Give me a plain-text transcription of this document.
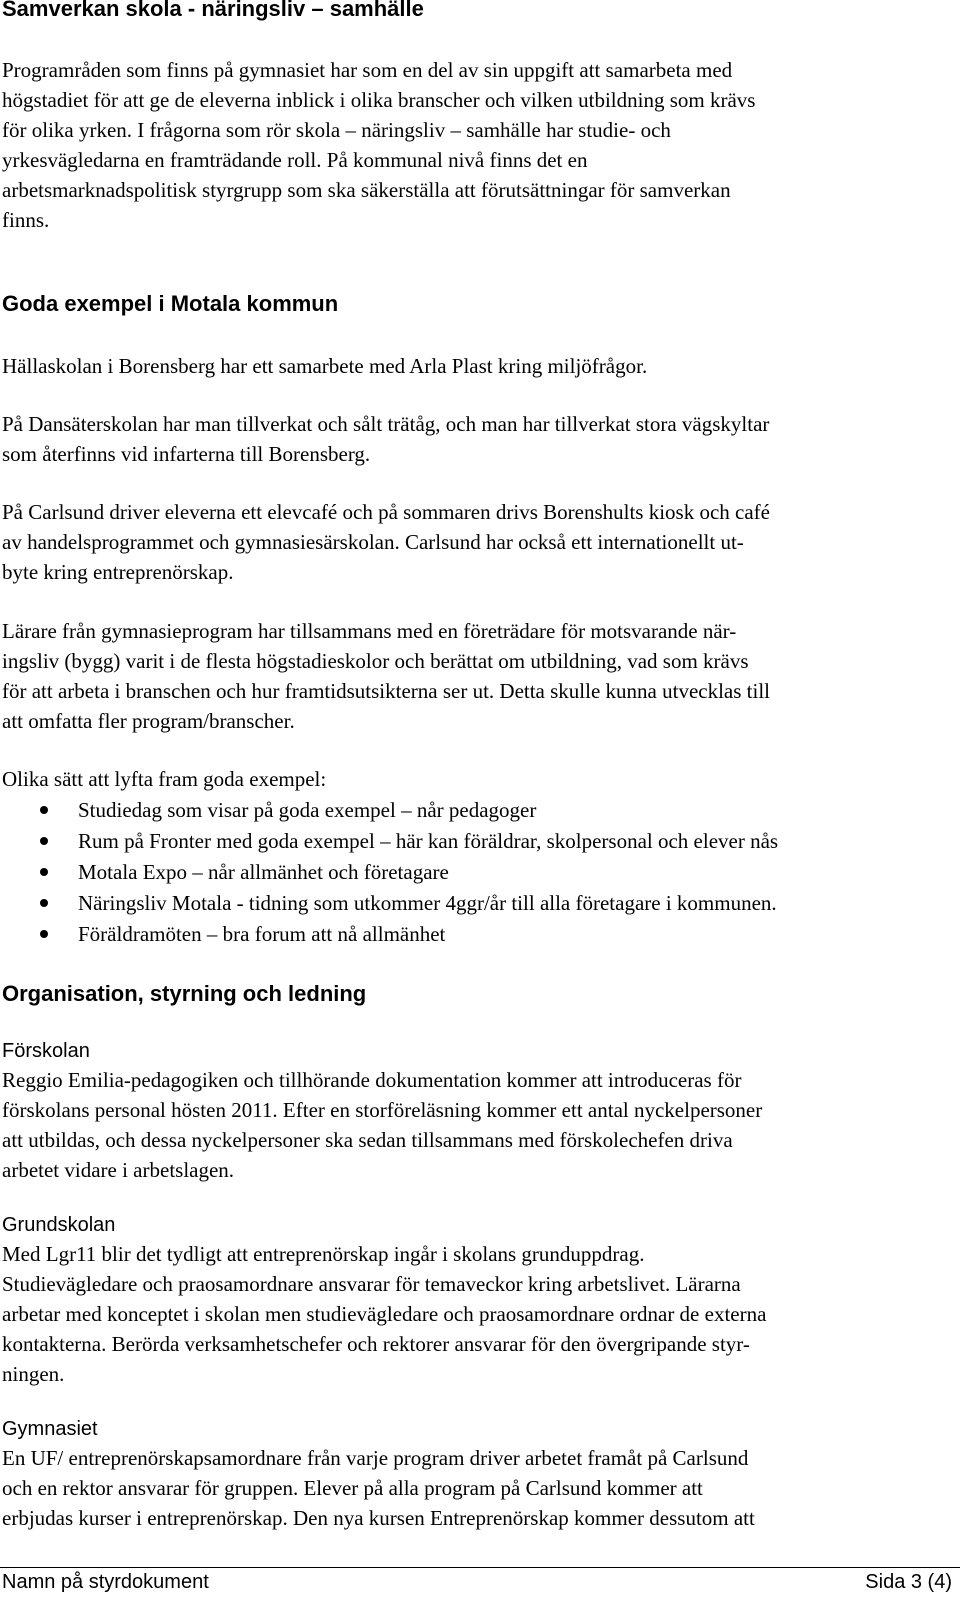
Samverkan skola - näringsliv – samhälle
Programråden som finns på gymnasiet har som en del av sin uppgift att samarbeta med
högstadiet för att ge de eleverna inblick i olika branscher och vilken utbildning som krävs
för olika yrken. I frågorna som rör skola – näringsliv – samhälle har studie- och
yrkesvägledarna en framträdande roll. På kommunal nivå finns det en
arbetsmarknadspolitisk styrgrupp som ska säkerställa att förutsättningar för samverkan
finns.
Goda exempel i Motala kommun
Hällaskolan i Borensberg har ett samarbete med Arla Plast kring miljöfrågor.
På Dansäterskolan har man tillverkat och sålt trätåg, och man har tillverkat stora vägskyltar
som återfinns vid infarterna till Borensberg.
På Carlsund driver eleverna ett elevcafé och på sommaren drivs Borenshults kiosk och café
av handelsprogrammet och gymnasiesärskolan. Carlsund har också ett internationellt ut-
byte kring entreprenörskap.
Lärare från gymnasieprogram har tillsammans med en företrädare för motsvarande när-
ingsliv (bygg) varit i de flesta högstadieskolor och berättat om utbildning, vad som krävs
för att arbeta i branschen och hur framtidsutsikterna ser ut. Detta skulle kunna utvecklas till
att omfatta fler program/branscher.
Olika sätt att lyfta fram goda exempel:
Studiedag som visar på goda exempel – når pedagoger
Rum på Fronter med goda exempel – här kan föräldrar, skolpersonal och elever nås
Motala Expo – når allmänhet och företagare
Näringsliv Motala - tidning som utkommer 4ggr/år till alla företagare i kommunen.
Föräldramöten – bra forum att nå allmänhet
Organisation, styrning och ledning
Förskolan
Reggio Emilia-pedagogiken och tillhörande dokumentation kommer att introduceras för
förskolans personal hösten 2011. Efter en storföreläsning kommer ett antal nyckelpersoner
att utbildas, och dessa nyckelpersoner ska sedan tillsammans med förskolechefen driva
arbetet vidare i arbetslagen.
Grundskolan
Med Lgr11 blir det tydligt att entreprenörskap ingår i skolans grunduppdrag.
Studievägledare och praosamordnare ansvarar för temaveckor kring arbetslivet. Lärarna
arbetar med konceptet i skolan men studievägledare och praosamordnare ordnar de externa
kontakterna. Berörda verksamhetschefer och rektorer ansvarar för den övergripande styr-
ningen.
Gymnasiet
En UF/ entreprenörskapsamordnare från varje program driver arbetet framåt på Carlsund
och en rektor ansvarar för gruppen. Elever på alla program på Carlsund kommer att
erbjudas kurser i entreprenörskap. Den nya kursen Entreprenörskap kommer dessutom att
Namn på styrdokument	Sida 3 (4)
